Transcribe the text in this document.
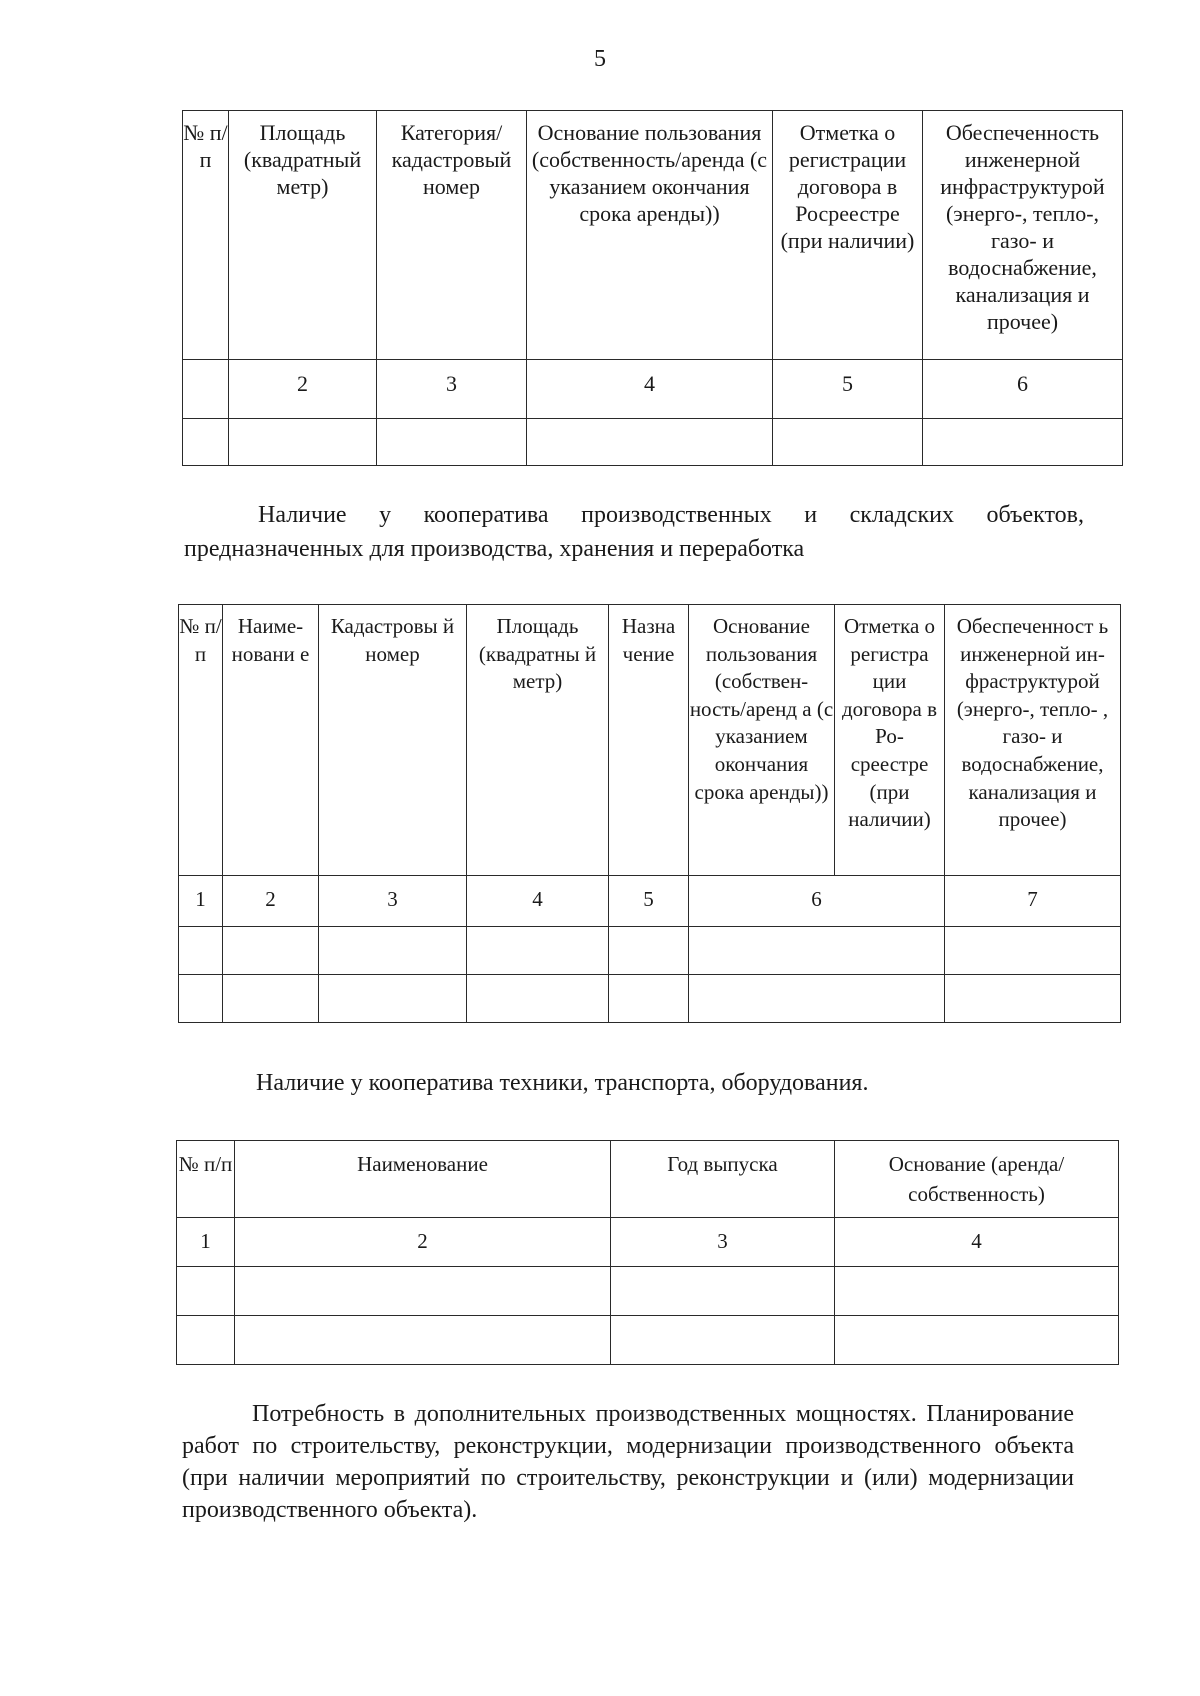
5
№ п/п	Площадь (квадратный метр)	Категория/ кадастровый номер	Основание пользования (собственность/аренда (с указанием окончания срока аренды))	Отметка о регистрации договора в Росреестре (при наличии)	Обеспеченность инженерной инфраструктурой (энерго-, тепло-, газо- и водоснабжение, канализация и прочее)
	2	3	4	5	6

Наличие у кооператива производственных и складских объектов,
предназначенных для производства, хранения и переработка
№ п/ п	Наиме- новани е	Кадастровы й номер	Площадь (квадратны й метр)	Назна чение	Основание пользования (собствен- ность/аренд а (с указанием окончания срока аренды))	Отметка о регистра ции договора в Ро- среестре (при наличии)	Обеспеченност ь инженерной ин- фраструктурой (энерго-, тепло- , газо- и водоснабжение, канализация и прочее)
1	2	3	4	5	6		7

Наличие у кооператива техники, транспорта, оборудования.
№ п/п	Наименование	Год выпуска	Основание (аренда/собственность)
1	2	3	4

Потребность в дополнительных производственных мощностях. Планирование работ по строительству, реконструкции, модернизации производственного объекта (при наличии мероприятий по строительству, реконструкции и (или) модернизации производственного объекта).
